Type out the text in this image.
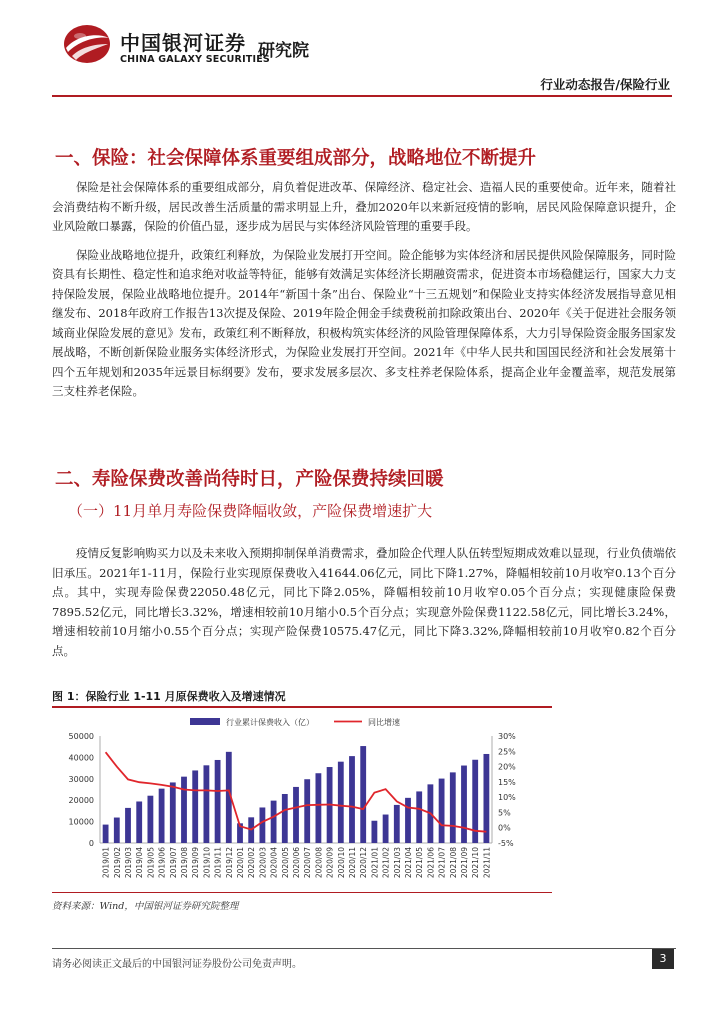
中国银河证券
CHINA GALAXY SECURITIES
研究院
行业动态报告/保险行业
一、保险：社会保障体系重要组成部分，战略地位不断提升

保险是社会保障体系的重要组成部分，肩负着促进改革、保障经济、稳定社会、造福人民的重要使命。近年来，随着社会消费结构不断升级，居民改善生活质量的需求明显上升，叠加2020年以来新冠疫情的影响，居民风险保障意识提升，企业风险敞口暴露，保险的价值凸显，逐步成为居民与实体经济风险管理的重要手段。

保险业战略地位提升，政策红利释放，为保险业发展打开空间。险企能够为实体经济和居民提供风险保障服务，同时险资具有长期性、稳定性和追求绝对收益等特征，能够有效满足实体经济长期融资需求，促进资本市场稳健运行，国家大力支持保险发展，保险业战略地位提升。2014年“新国十条”出台、保险业“十三五规划”和保险业支持实体经济发展指导意见相继发布、2018年政府工作报告13次提及保险、2019年险企佣金手续费税前扣除政策出台、2020年《关于促进社会服务领域商业保险发展的意见》发布，政策红利不断释放，积极构筑实体经济的风险管理保障体系，大力引导保险资金服务国家发展战略，不断创新保险业服务实体经济形式，为保险业发展打开空间。2021年《中华人民共和国国民经济和社会发展第十四个五年规划和2035年远景目标纲要》发布，要求发展多层次、多支柱养老保险体系，提高企业年金覆盖率，规范发展第三支柱养老保险。

二、寿险保费改善尚待时日，产险保费持续回暖
（一）11月单月寿险保费降幅收敛，产险保费增速扩大

疫情反复影响购买力以及未来收入预期抑制保单消费需求，叠加险企代理人队伍转型短期成效难以显现，行业负债端依旧承压。2021年1-11月，保险行业实现原保费收入41644.06亿元，同比下降1.27%，降幅相较前10月收窄0.13个百分点。其中，实现寿险保费22050.48亿元，同比下降2.05%，降幅相较前10月收窄0.05个百分点；实现健康险保费7895.52亿元，同比增长3.32%，增速相较前10月缩小0.5个百分点；实现意外险保费1122.58亿元，同比增长3.24%，增速相较前10月缩小0.55个百分点；实现产险保费10575.47亿元，同比下降3.32%,降幅相较前10月收窄0.82个百分点。

图 1：保险行业 1-11 月原保费收入及增速情况
0
10000
20000
30000
40000
50000
-5%
0%
5%
10%
15%
20%
25%
30%
2019/01 2019/02 2019/03 2019/04 2019/05 2019/06 2019/07 2019/08 2019/09 2019/10 2019/11 2019/12 2020/01 2020/02 2020/03 2020/04 2020/05 2020/06 2020/07 2020/08 2020/09 2020/10 2020/11 2020/12 2021/01 2021/02 2021/03 2021/04 2021/05 2021/06 2021/07 2021/08 2021/09 2021/10 2021/11
行业累计保费收入（亿）	同比增速
资料来源：Wind，中国银河证券研究院整理
请务必阅读正文最后的中国银河证券股份公司免责声明。	3
